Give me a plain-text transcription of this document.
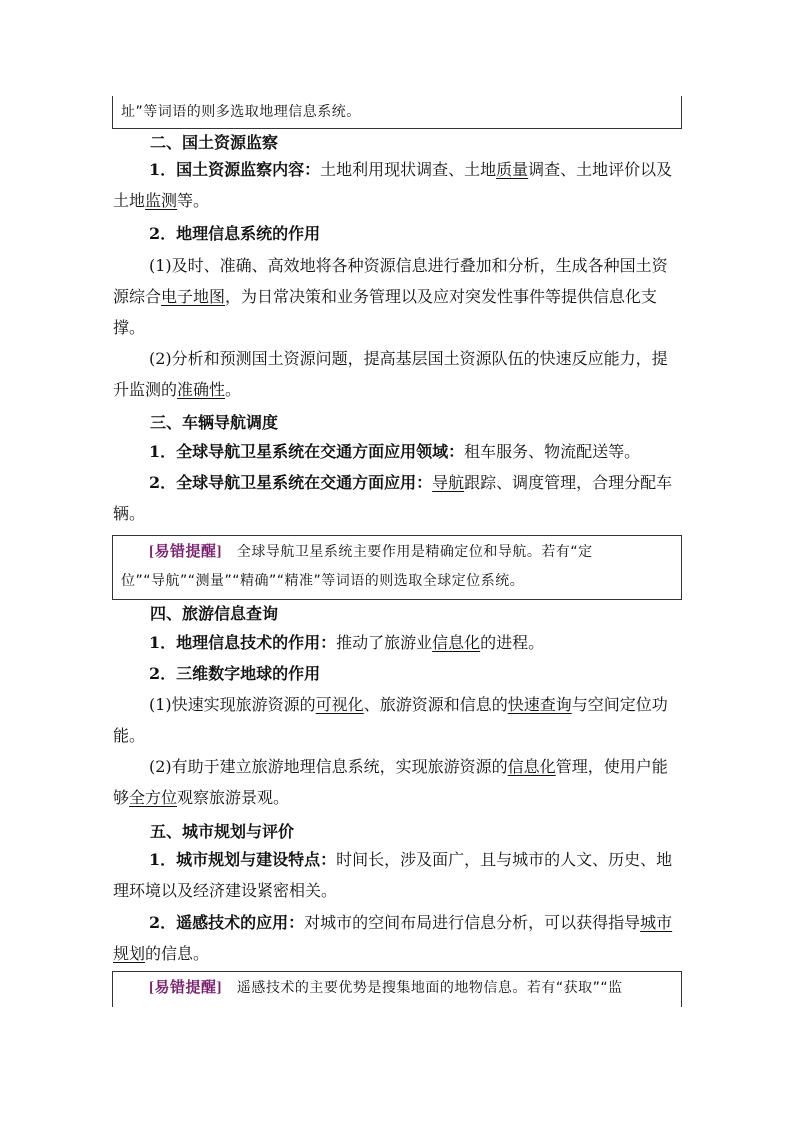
址”等词语的则多选取地理信息系统。
二、国土资源监察
1．国土资源监察内容：土地利用现状调查、土地质量调查、土地评价以及
土地监测等。
2．地理信息系统的作用
(1)及时、准确、高效地将各种资源信息进行叠加和分析，生成各种国土资
源综合电子地图，为日常决策和业务管理以及应对突发性事件等提供信息化支
撑。
(2)分析和预测国土资源问题，提高基层国土资源队伍的快速反应能力，提
升监测的准确性。
三、车辆导航调度
1．全球导航卫星系统在交通方面应用领域：租车服务、物流配送等。
2．全球导航卫星系统在交通方面应用：导航跟踪、调度管理，合理分配车
辆。
[易错提醒] 全球导航卫星系统主要作用是精确定位和导航。若有“定
位”“导航”“测量”“精确”“精准”等词语的则选取全球定位系统。
四、旅游信息查询
1．地理信息技术的作用：推动了旅游业信息化的进程。
2．三维数字地球的作用
(1)快速实现旅游资源的可视化、旅游资源和信息的快速查询与空间定位功
能。
(2)有助于建立旅游地理信息系统，实现旅游资源的信息化管理，使用户能
够全方位观察旅游景观。
五、城市规划与评价
1．城市规划与建设特点：时间长，涉及面广，且与城市的人文、历史、地
理环境以及经济建设紧密相关。
2．遥感技术的应用：对城市的空间布局进行信息分析，可以获得指导城市
规划的信息。
[易错提醒] 遥感技术的主要优势是搜集地面的地物信息。若有“获取”“监
